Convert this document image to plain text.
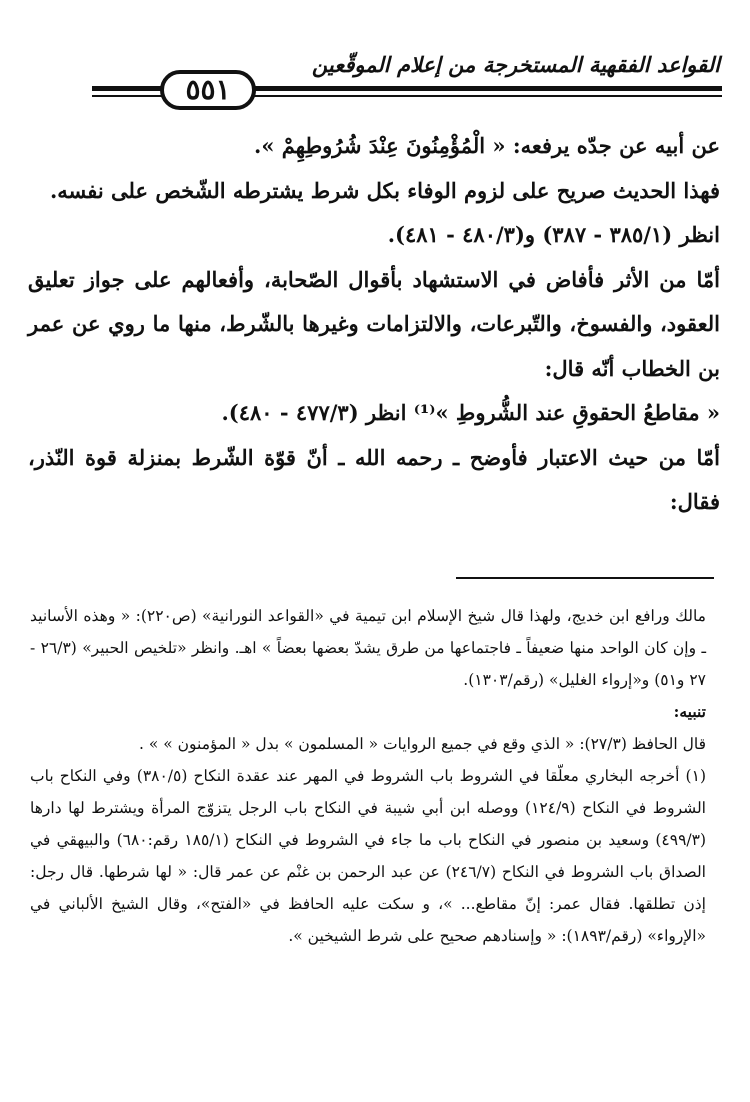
القواعد الفقهية المستخرجة من إعلام الموقّعين
٥٥١

عن أبيه عن جدّه يرفعه: « الْمُؤْمِنُونَ عِنْدَ شُرُوطِهِمْ ».

فهذا الحديث صريح على لزوم الوفاء بكل شرط يشترطه الشّخص على نفسه.

انظر (٣٨٥/١ - ٣٨٧) و(٤٨٠/٣ - ٤٨١).

أمّا من الأثر فأفاض في الاستشهاد بأقوال الصّحابة، وأفعالهم على جواز تعليق العقود، والفسوخ، والتّبرعات، والالتزامات وغيرها بالشّرط، منها ما روي عن عمر بن الخطاب أنّه قال:

« مقاطعُ الحقوقِ عند الشُّروطِ »⁽¹⁾ انظر (٤٧٧/٣ - ٤٨٠).

أمّا من حيث الاعتبار فأوضح ـ رحمه الله ـ أنّ قوّة الشّرط بمنزلة قوة النّذر، فقال:

مالك ورافع ابن خديج، ولهذا قال شيخ الإسلام ابن تيمية في «القواعد النورانية» (ص٢٢٠): « وهذه الأسانيد ـ وإن كان الواحد منها ضعيفاً ـ فاجتماعها من طرق يشدّ بعضها بعضاً » اهـ. وانظر «تلخيص الحبير» (٢٦/٣ - ٢٧ و٥١) و«إرواء الغليل» (رقم/١٣٠٣).

تنبيه:

قال الحافظ (٢٧/٣): « الذي وقع في جميع الروايات « المسلمون » بدل « المؤمنون » » .

(١) أخرجه البخاري معلّقا في الشروط باب الشروط في المهر عند عقدة النكاح (٣٨٠/٥) وفي النكاح باب الشروط في النكاح (١٢٤/٩) ووصله ابن أبي شيبة في النكاح باب الرجل يتزوّج المرأة ويشترط لها دارها (٤٩٩/٣) وسعيد بن منصور في النكاح باب ما جاء في الشروط في النكاح (١٨٥/١ رقم:٦٨٠) والبيهقي في الصداق باب الشروط في النكاح (٢٤٦/٧) عن عبد الرحمن بن غنْم عن عمر قال: « لها شرطها. قال رجل: إذن تطلقها. فقال عمر: إنّ مقاطع... »، و سكت عليه الحافظ في «الفتح»، وقال الشيخ الألباني في «الإرواء» (رقم/١٨٩٣): « وإسنادهم صحيح على شرط الشيخين ».
